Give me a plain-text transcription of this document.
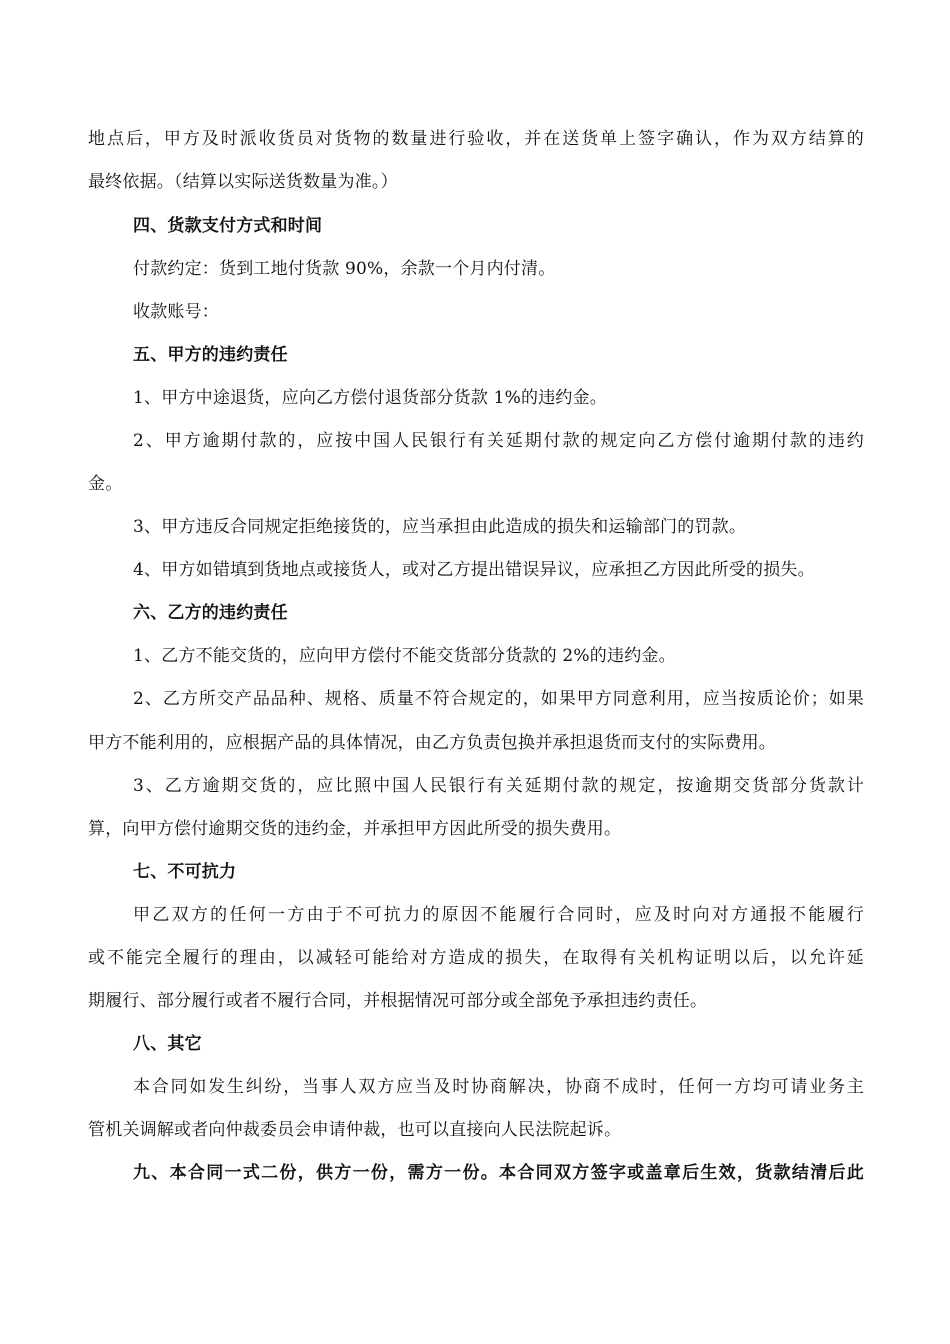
地点后，甲方及时派收货员对货物的数量进行验收，并在送货单上签字确认，作为双方结算的
最终依据。（结算以实际送货数量为准。）
四、货款支付方式和时间
付款约定：货到工地付货款 90%，余款一个月内付清。
收款账号：
五、甲方的违约责任
1、甲方中途退货，应向乙方偿付退货部分货款 1%的违约金。
2、甲方逾期付款的，应按中国人民银行有关延期付款的规定向乙方偿付逾期付款的违约
金。
3、甲方违反合同规定拒绝接货的，应当承担由此造成的损失和运输部门的罚款。
4、甲方如错填到货地点或接货人，或对乙方提出错误异议，应承担乙方因此所受的损失。
六、乙方的违约责任
1、乙方不能交货的，应向甲方偿付不能交货部分货款的 2%的违约金。
2、乙方所交产品品种、规格、质量不符合规定的，如果甲方同意利用，应当按质论价；如果
甲方不能利用的，应根据产品的具体情况，由乙方负责包换并承担退货而支付的实际费用。
3、乙方逾期交货的，应比照中国人民银行有关延期付款的规定，按逾期交货部分货款计
算，向甲方偿付逾期交货的违约金，并承担甲方因此所受的损失费用。
七、不可抗力
甲乙双方的任何一方由于不可抗力的原因不能履行合同时，应及时向对方通报不能履行
或不能完全履行的理由，以减轻可能给对方造成的损失，在取得有关机构证明以后，以允许延
期履行、部分履行或者不履行合同，并根据情况可部分或全部免予承担违约责任。
八、其它
本合同如发生纠纷，当事人双方应当及时协商解决，协商不成时，任何一方均可请业务主
管机关调解或者向仲裁委员会申请仲裁，也可以直接向人民法院起诉。
九、本合同一式二份，供方一份，需方一份。本合同双方签字或盖章后生效，货款结清后此
